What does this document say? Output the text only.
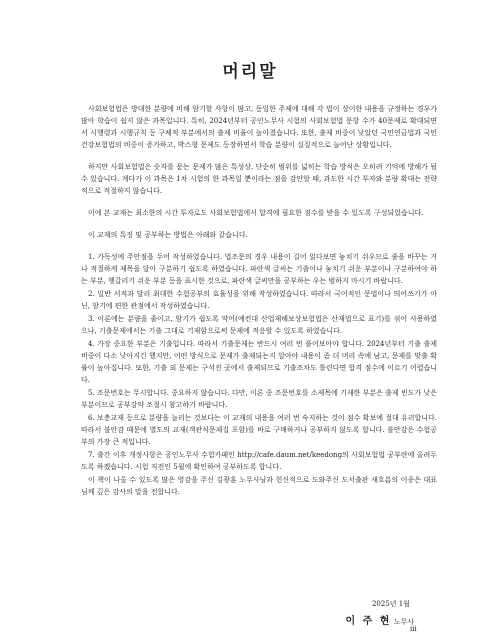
머리말

사회보험법은 방대한 분량에 비해 암기할 사항이 많고, 동일한 주제에 대해 각 법이 상이한 내용을 규정하는 경우가 많아 학습이 쉽지 않은 과목입니다. 특히, 2024년부터 공인노무사 시험의 사회보험법 문항 수가 40문제로 확대되면서 시행령과 시행규칙 등 구체적 부분에서의 출제 비율이 높아졌습니다. 또한, 출제 비중이 낮았던 국민연금법과 국민건강보험법의 비중이 증가하고, 박스형 문제도 등장하면서 학습 분량이 실질적으로 늘어난 상황입니다.

하지만 사회보험법은 숫자를 묻는 문제가 많은 특성상, 단순히 범위를 넓히는 학습 방식은 오히려 기억에 방해가 될 수 있습니다. 게다가 이 과목은 1차 시험의 한 과목일 뿐이라는 점을 감안할 때, 과도한 시간 투자와 분량 확대는 전략적으로 적절하지 않습니다.

이에 본 교재는 최소한의 시간 투자로도 사회보험법에서 합격에 필요한 점수를 받을 수 있도록 구성되었습니다.

이 교재의 특징 및 공부하는 방법은 아래와 같습니다.

1. 가독성에 주안점을 두어 작성하였습니다. 법조문의 경우 내용이 길어 읽다보면 놓치기 쉬우므로 줄을 바꾸는 거나 적절하게 제목을 달아 구분하기 쉽도록 하였습니다. 파란색 글씨는 기출이나 놓치기 쉬운 부분이나 구분하여야 하는 부분, 헷갈리기 쉬운 부분 등을 표시한 것으로, 파란색 글씨만을 공부하는 우는 범하지 마시기 바랍니다.

2. 일반 서적과 달리 최대한 수험공부의 효율성을 위해 작성하였습니다. 따라서 국어적인 문법이나 띄어쓰기가 아닌, 암기에 편한 관점에서 작성하였습니다.

3. 이론에는 분량을 줄이고, 암기가 쉽도록 약어(예컨대 산업재해보상보험법은 산재법으로 표기)를 섞어 사용하였으나, 기출문제에서는 기출 그대로 기재함으로써 문제에 적응할 수 있도록 하였습니다.

4. 가장 중요한 부분은 기출입니다. 따라서 기출문제는 반드시 여러 번 풀어보아야 합니다. 2024년부터 기출 출제 비중이 다소 낮아지긴 했지만, 어떤 방식으로 문제가 출제되는지 알아야 내용이 좀 더 머리 속에 남고, 문제를 맞출 확률이 높아집니다. 또한, 기출 외 문제는 구석진 곳에서 출제되므로 기출조차도 틀린다면 합격 점수에 이르기 어렵습니다.

5. 조문번호는 무시합니다. 중요하지 않습니다. 다만, 이론 중 조문번호를 소제목에 기재한 부분은 출제 빈도가 낮은 부분이므로 공부강약 조절시 참고하기 바랍니다.

6. 보충교재 등으로 분량을 늘리는 것보다는 이 교재의 내용을 여러 번 숙지하는 것이 점수 확보에 절대 유리합니다. 따라서 불안감 때문에 별도의 교재(객관식문제집 포함)를 바로 구매하거나 공부하지 않도록 합니다. 불안감은 수험공부의 가장 큰 적입니다.

7. 출간 이후 개정사항은 공인노무사 수험카페인 http://cafe.daum.net/keedong의 사회보험법 공부란에 올려두도록 하겠습니다. 시험 직전인 5월에 확인하여 공부하도록 합니다.

이 책이 나올 수 있도록 많은 영감을 주신 김광훈 노무사님과 헌신적으로 도와주신 도서출판 새흐름의 이종은 대표님께 깊은 감사의 말을 전합니다.

2025년 1월
이 주 현 노무사
iii
